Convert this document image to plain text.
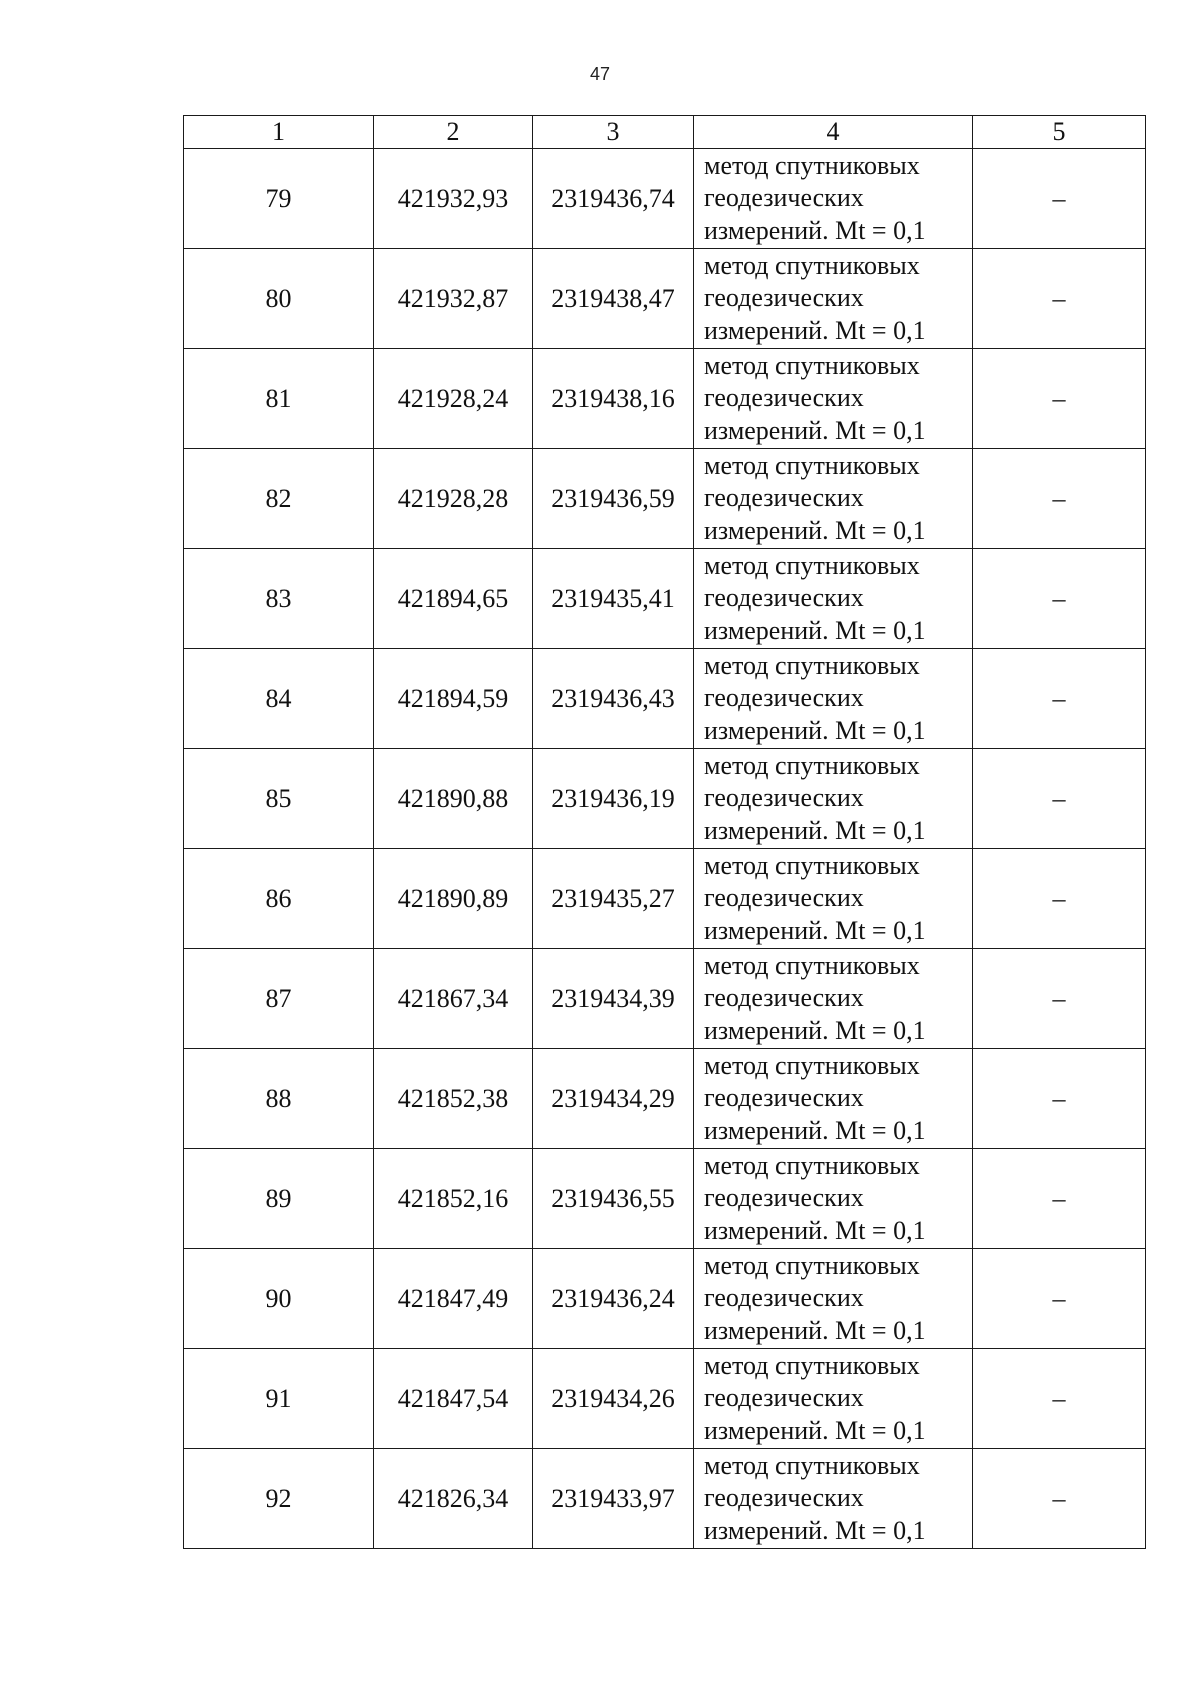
47
1	2	3	4	5
79	421932,93	2319436,74	метод спутниковых
геодезических
измерений. Mt = 0,1	–
80	421932,87	2319438,47	метод спутниковых
геодезических
измерений. Mt = 0,1	–
81	421928,24	2319438,16	метод спутниковых
геодезических
измерений. Mt = 0,1	–
82	421928,28	2319436,59	метод спутниковых
геодезических
измерений. Mt = 0,1	–
83	421894,65	2319435,41	метод спутниковых
геодезических
измерений. Mt = 0,1	–
84	421894,59	2319436,43	метод спутниковых
геодезических
измерений. Mt = 0,1	–
85	421890,88	2319436,19	метод спутниковых
геодезических
измерений. Mt = 0,1	–
86	421890,89	2319435,27	метод спутниковых
геодезических
измерений. Mt = 0,1	–
87	421867,34	2319434,39	метод спутниковых
геодезических
измерений. Mt = 0,1	–
88	421852,38	2319434,29	метод спутниковых
геодезических
измерений. Mt = 0,1	–
89	421852,16	2319436,55	метод спутниковых
геодезических
измерений. Mt = 0,1	–
90	421847,49	2319436,24	метод спутниковых
геодезических
измерений. Mt = 0,1	–
91	421847,54	2319434,26	метод спутниковых
геодезических
измерений. Mt = 0,1	–
92	421826,34	2319433,97	метод спутниковых
геодезических
измерений. Mt = 0,1	–
